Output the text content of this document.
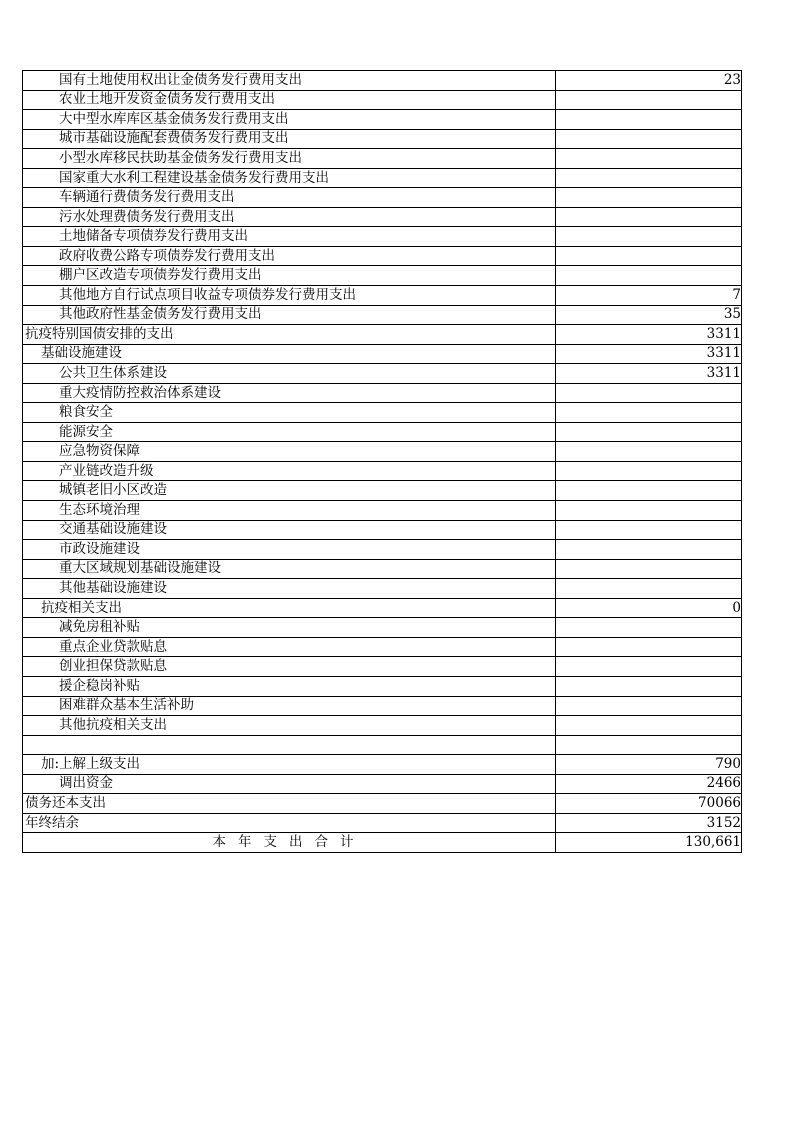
国有土地使用权出让金债务发行费用支出	23
农业土地开发资金债务发行费用支出	
大中型水库库区基金债务发行费用支出	
城市基础设施配套费债务发行费用支出	
小型水库移民扶助基金债务发行费用支出	
国家重大水利工程建设基金债务发行费用支出	
车辆通行费债务发行费用支出	
污水处理费债务发行费用支出	
土地储备专项债券发行费用支出	
政府收费公路专项债券发行费用支出	
棚户区改造专项债券发行费用支出	
其他地方自行试点项目收益专项债券发行费用支出	7
其他政府性基金债务发行费用支出	35
抗疫特别国债安排的支出	3311
基础设施建设	3311
公共卫生体系建设	3311
重大疫情防控救治体系建设	
粮食安全	
能源安全	
应急物资保障	
产业链改造升级	
城镇老旧小区改造	
生态环境治理	
交通基础设施建设	
市政设施建设	
重大区域规划基础设施建设	
其他基础设施建设	
抗疫相关支出	0
减免房租补贴	
重点企业贷款贴息	
创业担保贷款贴息	
援企稳岗补贴	
困难群众基本生活补助	
其他抗疫相关支出	

加:上解上级支出	790
调出资金	2466
债务还本支出	70066
年终结余	3152
本年支出合计	130,661
